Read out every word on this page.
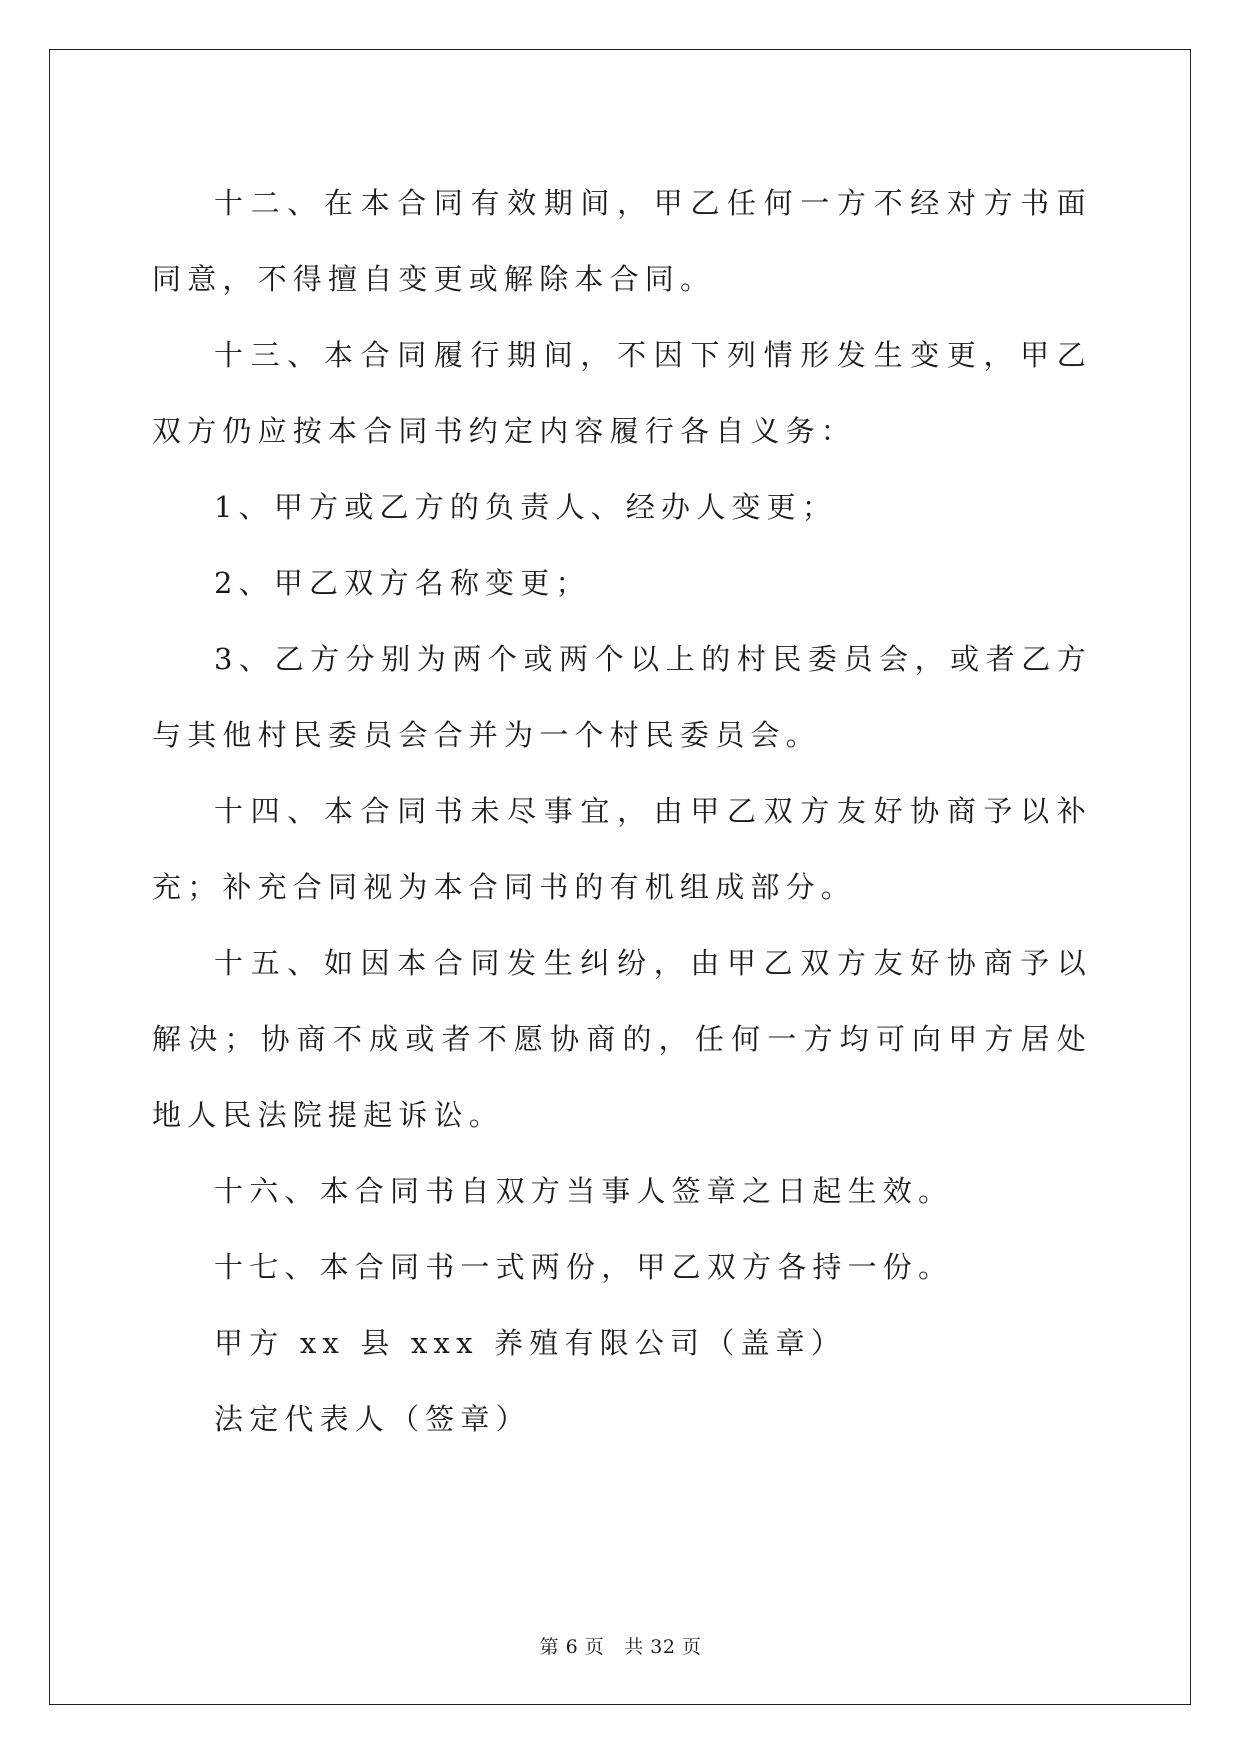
十二、在本合同有效期间，甲乙任何一方不经对方书面同意，不得擅自变更或解除本合同。

十三、本合同履行期间，不因下列情形发生变更，甲乙双方仍应按本合同书约定内容履行各自义务：

1、甲方或乙方的负责人、经办人变更；

2、甲乙双方名称变更；

3、乙方分别为两个或两个以上的村民委员会，或者乙方与其他村民委员会合并为一个村民委员会。

十四、本合同书未尽事宜，由甲乙双方友好协商予以补充；补充合同视为本合同书的有机组成部分。

十五、如因本合同发生纠纷，由甲乙双方友好协商予以解决；协商不成或者不愿协商的，任何一方均可向甲方居处地人民法院提起诉讼。

十六、本合同书自双方当事人签章之日起生效。

十七、本合同书一式两份，甲乙双方各持一份。

甲方 xx 县 xxx 养殖有限公司（盖章）

法定代表人（签章）

第 6 页 共 32 页
